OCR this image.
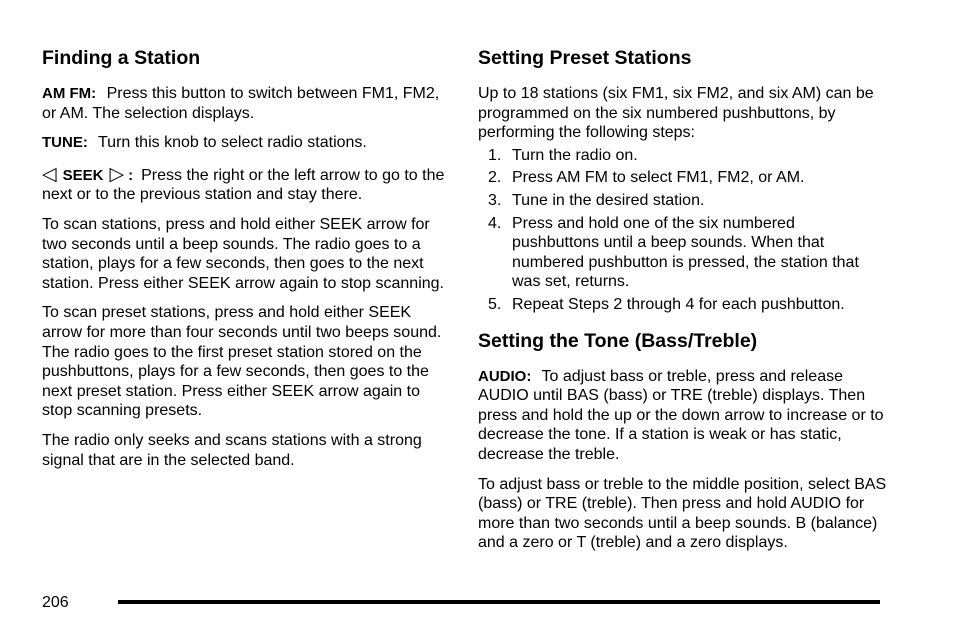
Finding a Station

AM FM: Press this button to switch between FM1, FM2, or AM. The selection displays.

TUNE: Turn this knob to select radio stations.

◁ SEEK ▷ : Press the right or the left arrow to go to the next or to the previous station and stay there.

To scan stations, press and hold either SEEK arrow for two seconds until a beep sounds. The radio goes to a station, plays for a few seconds, then goes to the next station. Press either SEEK arrow again to stop scanning.

To scan preset stations, press and hold either SEEK arrow for more than four seconds until two beeps sound. The radio goes to the first preset station stored on the pushbuttons, plays for a few seconds, then goes to the next preset station. Press either SEEK arrow again to stop scanning presets.

The radio only seeks and scans stations with a strong signal that are in the selected band.

Setting Preset Stations

Up to 18 stations (six FM1, six FM2, and six AM) can be programmed on the six numbered pushbuttons, by performing the following steps:

1. Turn the radio on.
2. Press AM FM to select FM1, FM2, or AM.
3. Tune in the desired station.
4. Press and hold one of the six numbered pushbuttons until a beep sounds. When that numbered pushbutton is pressed, the station that was set, returns.
5. Repeat Steps 2 through 4 for each pushbutton.
Setting the Tone (Bass/Treble)

AUDIO: To adjust bass or treble, press and release AUDIO until BAS (bass) or TRE (treble) displays. Then press and hold the up or the down arrow to increase or to decrease the tone. If a station is weak or has static, decrease the treble.

To adjust bass or treble to the middle position, select BAS (bass) or TRE (treble). Then press and hold AUDIO for more than two seconds until a beep sounds. B (balance) and a zero or T (treble) and a zero displays.

206
